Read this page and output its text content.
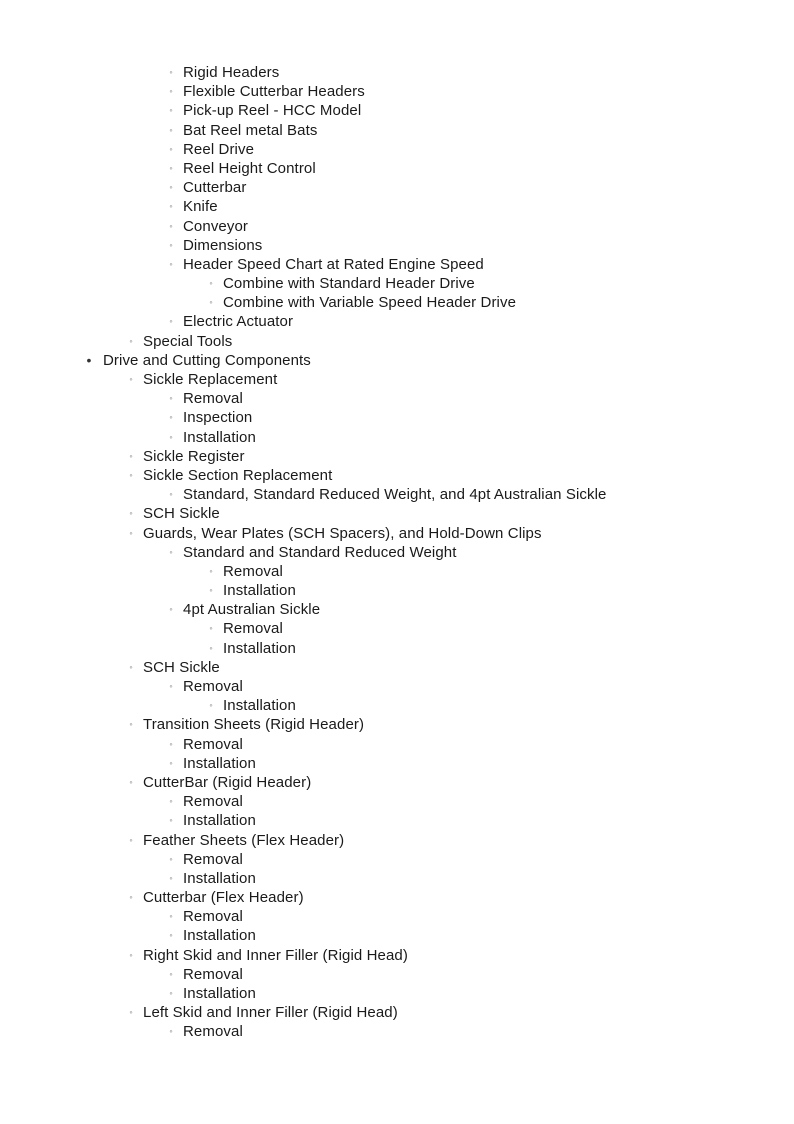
◦ Rigid Headers
◦ Flexible Cutterbar Headers
◦ Pick-up Reel - HCC Model
◦ Bat Reel metal Bats
◦ Reel Drive
◦ Reel Height Control
◦ Cutterbar
◦ Knife
◦ Conveyor
◦ Dimensions
◦ Header Speed Chart at Rated Engine Speed
◦ Combine with Standard Header Drive
◦ Combine with Variable Speed Header Drive
◦ Electric Actuator
◦ Special Tools
• Drive and Cutting Components
◦ Sickle Replacement
◦ Removal
◦ Inspection
◦ Installation
◦ Sickle Register
◦ Sickle Section Replacement
◦ Standard, Standard Reduced Weight, and 4pt Australian Sickle
◦ SCH Sickle
◦ Guards, Wear Plates (SCH Spacers), and Hold-Down Clips
◦ Standard and Standard Reduced Weight
◦ Removal
◦ Installation
◦ 4pt Australian Sickle
◦ Removal
◦ Installation
◦ SCH Sickle
◦ Removal
◦ Installation
◦ Transition Sheets (Rigid Header)
◦ Removal
◦ Installation
◦ CutterBar (Rigid Header)
◦ Removal
◦ Installation
◦ Feather Sheets (Flex Header)
◦ Removal
◦ Installation
◦ Cutterbar (Flex Header)
◦ Removal
◦ Installation
◦ Right Skid and Inner Filler (Rigid Head)
◦ Removal
◦ Installation
◦ Left Skid and Inner Filler (Rigid Head)
◦ Removal
